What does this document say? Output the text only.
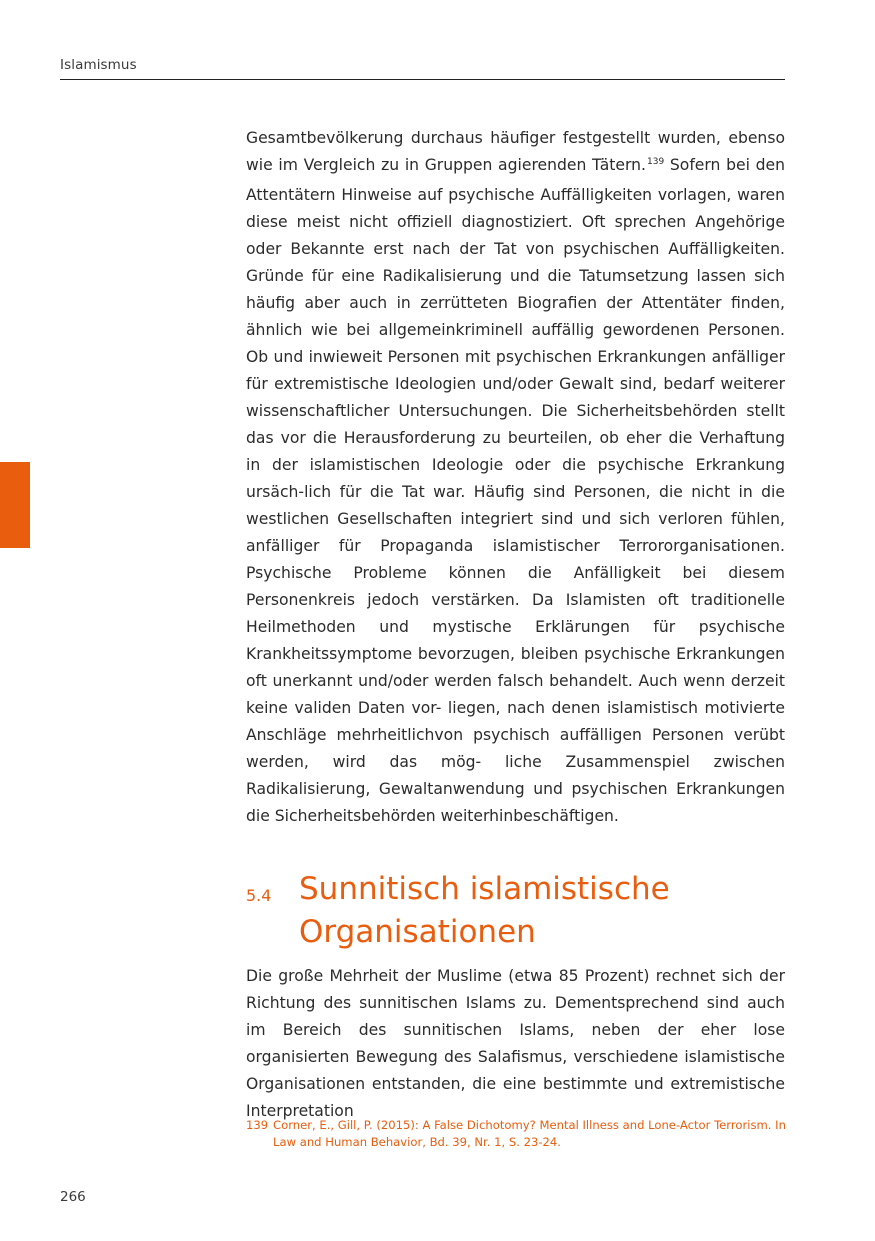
Islamismus

Gesamtbevölkerung durchaus häufiger festgestellt wurden, ebenso wie im Vergleich zu in Gruppen agierenden Tätern.$^{139}$ Sofern bei den Attentätern Hinweise auf psychische Auffälligkeiten vorlagen, waren diese meist nicht offiziell diagnostiziert. Oft sprechen Angehörige oder Bekannte erst nach der Tat von psychischen Auffälligkeiten. Gründe für eine Radikalisierung und die Tatumsetzung lassen sich häufig aber auch in zerrütteten Biografien der Attentäter finden, ähnlich wie bei allgemeinkriminell auffällig gewordenen Personen. Ob und inwieweit Personen mit psychischen Erkrankungen anfälliger für extremistische Ideologien und/oder Gewalt sind, bedarf weiterer wissenschaftlicher Untersuchungen. Die Sicherheitsbehörden stellt das vor die Herausforderung zu beurteilen, ob eher die Verhaftung in der islamistischen Ideologie oder die psychische Erkrankung ursäch-lich für die Tat war. Häufig sind Personen, die nicht in die westlichen Gesellschaften integriert sind und sich verloren fühlen, anfälliger für Propaganda islamistischer Terrororganisationen. Psychische Probleme können die Anfälligkeit bei diesem Personenkreis jedoch verstärken. Da Islamisten oft traditionelle Heilmethoden und mystische Erklärungen für psychische Krankheitssymptome bevorzugen, bleiben psychische Erkrankungen oft unerkannt und/oder werden falsch behandelt. Auch wenn derzeit keine validen Daten vor- liegen, nach denen islamistisch motivierte Anschläge mehrheitlichvon psychisch auffälligen Personen verübt werden, wird das mög- liche Zusammenspiel zwischen Radikalisierung, Gewaltanwendung und psychischen Erkrankungen die Sicherheitsbehörden weiterhinbeschäftigen.

5.4 Sunnitisch islamistische
Organisationen

Die große Mehrheit der Muslime (etwa 85 Prozent) rechnet sich der Richtung des sunnitischen Islams zu. Dementsprechend sind auch im Bereich des sunnitischen Islams, neben der eher lose organisierten Bewegung des Salafismus, verschiedene islamistische Organisationen entstanden, die eine bestimmte und extremistische Interpretation

139 Corner, E., Gill, P. (2015): A False Dichotomy? Mental Illness and Lone-Actor Terrorism. In
Law and Human Behavior, Bd. 39, Nr. 1, S. 23-24.
266
